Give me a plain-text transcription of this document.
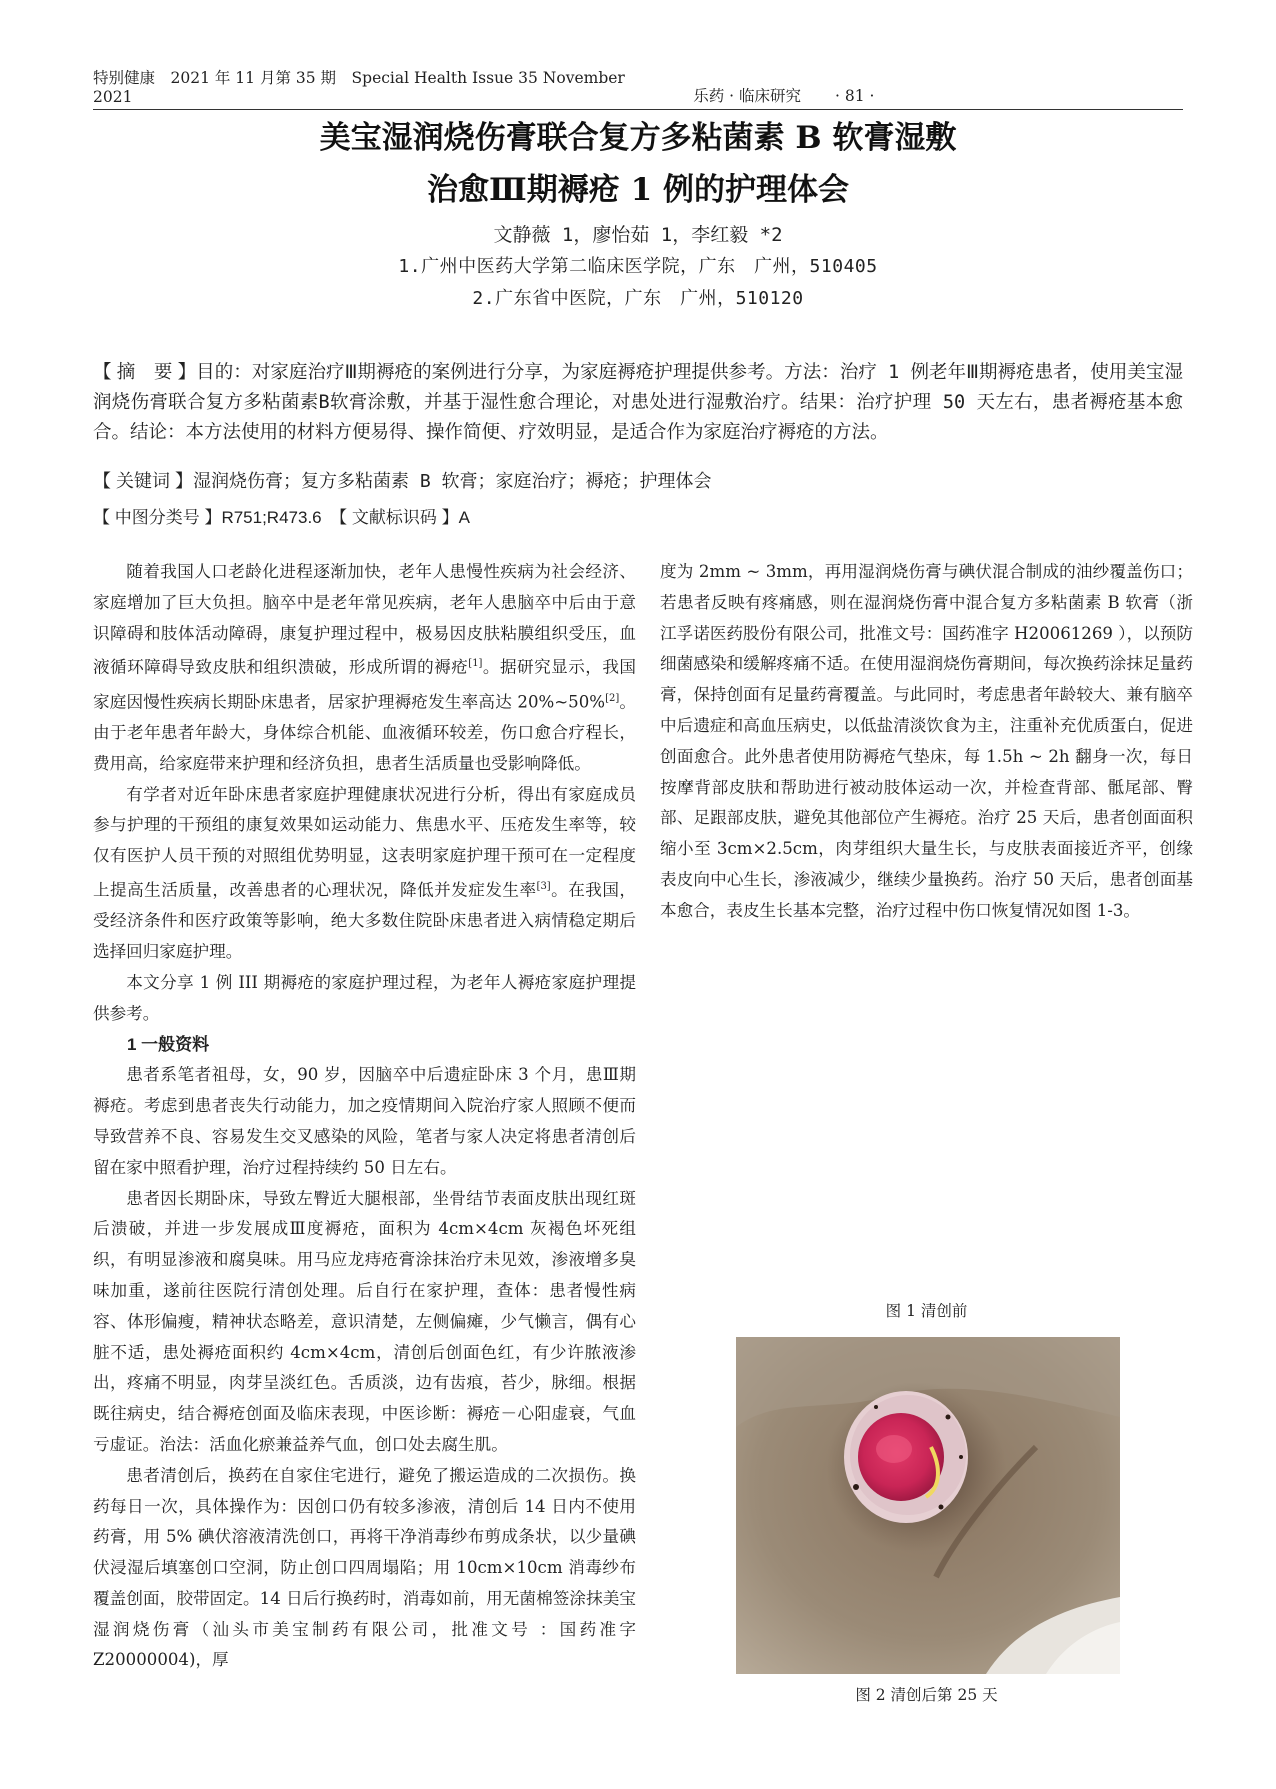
特别健康　2021 年 11 月第 35 期　Special Health Issue 35 November 2021	乐药 · 临床研究 · 81 ·
美宝湿润烧伤膏联合复方多粘菌素 B 软膏湿敷
治愈Ⅲ期褥疮 1 例的护理体会
文静薇 1，廖怡茹 1，李红毅 *2
1.广州中医药大学第二临床医学院，广东　广州，510405
2.广东省中医院，广东　广州，510120
【 摘　要 】目的：对家庭治疗Ⅲ期褥疮的案例进行分享，为家庭褥疮护理提供参考。方法：治疗 1 例老年Ⅲ期褥疮患者，使用美宝湿润烧伤膏联合复方多粘菌素B软膏涂敷，并基于湿性愈合理论，对患处进行湿敷治疗。结果：治疗护理 50 天左右，患者褥疮基本愈合。结论：本方法使用的材料方便易得、操作简便、疗效明显，是适合作为家庭治疗褥疮的方法。
【 关键词 】湿润烧伤膏；复方多粘菌素 B 软膏；家庭治疗；褥疮；护理体会
【 中图分类号 】R751;R473.6　【 文献标识码 】A

随着我国人口老龄化进程逐渐加快，老年人患慢性疾病为社会经济、家庭增加了巨大负担。脑卒中是老年常见疾病，老年人患脑卒中后由于意识障碍和肢体活动障碍，康复护理过程中，极易因皮肤粘膜组织受压，血液循环障碍导致皮肤和组织溃破，形成所谓的褥疮[1]。据研究显示，我国家庭因慢性疾病长期卧床患者，居家护理褥疮发生率高达 20%~50%[2]。由于老年患者年龄大，身体综合机能、血液循环较差，伤口愈合疗程长，费用高，给家庭带来护理和经济负担，患者生活质量也受影响降低。

有学者对近年卧床患者家庭护理健康状况进行分析，得出有家庭成员参与护理的干预组的康复效果如运动能力、焦患水平、压疮发生率等，较仅有医护人员干预的对照组优势明显，这表明家庭护理干预可在一定程度上提高生活质量，改善患者的心理状况，降低并发症发生率[3]。在我国，受经济条件和医疗政策等影响，绝大多数住院卧床患者进入病情稳定期后选择回归家庭护理。

本文分享 1 例 III 期褥疮的家庭护理过程，为老年人褥疮家庭护理提供参考。

1 一般资料

患者系笔者祖母，女，90 岁，因脑卒中后遗症卧床 3 个月，患Ⅲ期褥疮。考虑到患者丧失行动能力，加之疫情期间入院治疗家人照顾不便而导致营养不良、容易发生交叉感染的风险，笔者与家人决定将患者清创后留在家中照看护理，治疗过程持续约 50 日左右。

患者因长期卧床，导致左臀近大腿根部，坐骨结节表面皮肤出现红斑后溃破，并进一步发展成Ⅲ度褥疮，面积为 4cm×4cm 灰褐色坏死组织，有明显渗液和腐臭味。用马应龙痔疮膏涂抹治疗未见效，渗液增多臭味加重，遂前往医院行清创处理。后自行在家护理，查体：患者慢性病容、体形偏瘦，精神状态略差，意识清楚，左侧偏瘫，少气懒言，偶有心脏不适，患处褥疮面积约 4cm×4cm，清创后创面色红，有少许脓液渗出，疼痛不明显，肉芽呈淡红色。舌质淡，边有齿痕，苔少，脉细。根据既往病史，结合褥疮创面及临床表现，中医诊断：褥疮－心阳虚衰，气血亏虚证。治法：活血化瘀兼益养气血，创口处去腐生肌。

患者清创后，换药在自家住宅进行，避免了搬运造成的二次损伤。换药每日一次，具体操作为：因创口仍有较多渗液，清创后 14 日内不使用药膏，用 5% 碘伏溶液清洗创口，再将干净消毒纱布剪成条状，以少量碘伏浸湿后填塞创口空洞，防止创口四周塌陷；用 10cm×10cm 消毒纱布覆盖创面，胶带固定。14 日后行换药时，消毒如前，用无菌棉签涂抹美宝湿润烧伤膏（汕头市美宝制药有限公司，批准文号 ：国药准字 Z20000004)，厚

度为 2mm ~ 3mm，再用湿润烧伤膏与碘伏混合制成的油纱覆盖伤口；若患者反映有疼痛感，则在湿润烧伤膏中混合复方多粘菌素 B 软膏（浙江孚诺医药股份有限公司，批准文号：国药准字 H20061269 ），以预防细菌感染和缓解疼痛不适。在使用湿润烧伤膏期间，每次换药涂抹足量药膏，保持创面有足量药膏覆盖。与此同时，考虑患者年龄较大、兼有脑卒中后遗症和高血压病史，以低盐清淡饮食为主，注重补充优质蛋白，促进创面愈合。此外患者使用防褥疮气垫床，每 1.5h ~ 2h 翻身一次，每日按摩背部皮肤和帮助进行被动肢体运动一次，并检查背部、骶尾部、臀部、足跟部皮肤，避免其他部位产生褥疮。治疗 25 天后，患者创面面积缩小至 3cm×2.5cm，肉芽组织大量生长，与皮肤表面接近齐平，创缘表皮向中心生长，渗液减少，继续少量换药。治疗 50 天后，患者创面基本愈合，表皮生长基本完整，治疗过程中伤口恢复情况如图 1-3。

图 1 清创前
图 2 清创后第 25 天
